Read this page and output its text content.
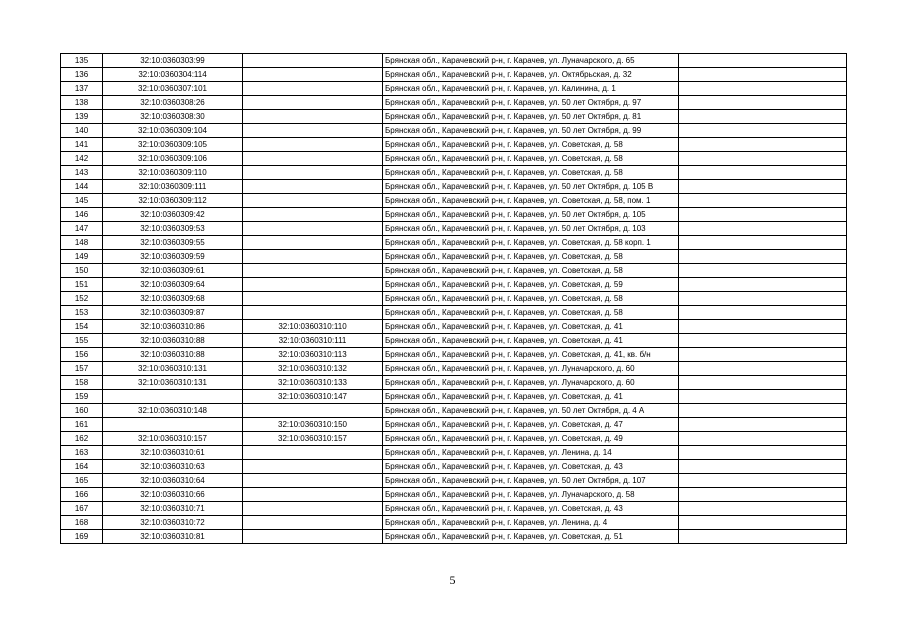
135	32:10:0360303:99		Брянская обл., Карачевский р-н, г. Карачев, ул. Луначарского, д. 65	
136	32:10:0360304:114		Брянская обл., Карачевский р-н, г. Карачев, ул. Октябрьская, д. 32	
137	32:10:0360307:101		Брянская обл., Карачевский р-н, г. Карачев, ул. Калинина, д. 1	
138	32:10:0360308:26		Брянская обл., Карачевский р-н, г. Карачев, ул. 50 лет Октября, д. 97	
139	32:10:0360308:30		Брянская обл., Карачевский р-н, г. Карачев, ул. 50 лет Октября, д. 81	
140	32:10:0360309:104		Брянская обл., Карачевский р-н, г. Карачев, ул. 50 лет Октября, д. 99	
141	32:10:0360309:105		Брянская обл., Карачевский р-н, г. Карачев, ул. Советская, д. 58	
142	32:10:0360309:106		Брянская обл., Карачевский р-н, г. Карачев, ул. Советская, д. 58	
143	32:10:0360309:110		Брянская обл., Карачевский р-н, г. Карачев, ул. Советская, д. 58	
144	32:10:0360309:111		Брянская обл., Карачевский р-н, г. Карачев, ул. 50 лет Октября, д. 105 В	
145	32:10:0360309:112		Брянская обл., Карачевский р-н, г. Карачев, ул. Советская, д. 58, пом. 1	
146	32:10:0360309:42		Брянская обл., Карачевский р-н, г. Карачев, ул. 50 лет Октября, д. 105	
147	32:10:0360309:53		Брянская обл., Карачевский р-н, г. Карачев, ул. 50 лет Октября, д. 103	
148	32:10:0360309:55		Брянская обл., Карачевский р-н, г. Карачев, ул. Советская, д. 58 корп. 1	
149	32:10:0360309:59		Брянская обл., Карачевский р-н, г. Карачев, ул. Советская, д. 58	
150	32:10:0360309:61		Брянская обл., Карачевский р-н, г. Карачев, ул. Советская, д. 58	
151	32:10:0360309:64		Брянская обл., Карачевский р-н, г. Карачев, ул. Советская, д. 59	
152	32:10:0360309:68		Брянская обл., Карачевский р-н, г. Карачев, ул. Советская, д. 58	
153	32:10:0360309:87		Брянская обл., Карачевский р-н, г. Карачев, ул. Советская, д. 58	
154	32:10:0360310:86	32:10:0360310:110	Брянская обл., Карачевский р-н, г. Карачев, ул. Советская, д. 41	
155	32:10:0360310:88	32:10:0360310:111	Брянская обл., Карачевский р-н, г. Карачев, ул. Советская, д. 41	
156	32:10:0360310:88	32:10:0360310:113	Брянская обл., Карачевский р-н, г. Карачев, ул. Советская, д. 41, кв. б/н	
157	32:10:0360310:131	32:10:0360310:132	Брянская обл., Карачевский р-н, г. Карачев, ул. Луначарского, д. 60	
158	32:10:0360310:131	32:10:0360310:133	Брянская обл., Карачевский р-н, г. Карачев, ул. Луначарского, д. 60	
159		32:10:0360310:147	Брянская обл., Карачевский р-н, г. Карачев, ул. Советская, д. 41	
160	32:10:0360310:148		Брянская обл., Карачевский р-н, г. Карачев, ул. 50 лет Октября, д. 4 А	
161		32:10:0360310:150	Брянская обл., Карачевский р-н, г. Карачев, ул. Советская, д. 47	
162	32:10:0360310:157	32:10:0360310:157	Брянская обл., Карачевский р-н, г. Карачев, ул. Советская, д. 49	
163	32:10:0360310:61		Брянская обл., Карачевский р-н, г. Карачев, ул. Ленина, д. 14	
164	32:10:0360310:63		Брянская обл., Карачевский р-н, г. Карачев, ул. Советская, д. 43	
165	32:10:0360310:64		Брянская обл., Карачевский р-н, г. Карачев, ул. 50 лет Октября, д. 107	
166	32:10:0360310:66		Брянская обл., Карачевский р-н, г. Карачев, ул. Луначарского, д. 58	
167	32:10:0360310:71		Брянская обл., Карачевский р-н, г. Карачев, ул. Советская, д. 43	
168	32:10:0360310:72		Брянская обл., Карачевский р-н, г. Карачев, ул. Ленина, д. 4	
169	32:10:0360310:81		Брянская обл., Карачевский р-н, г. Карачев, ул. Советская, д. 51	
5
